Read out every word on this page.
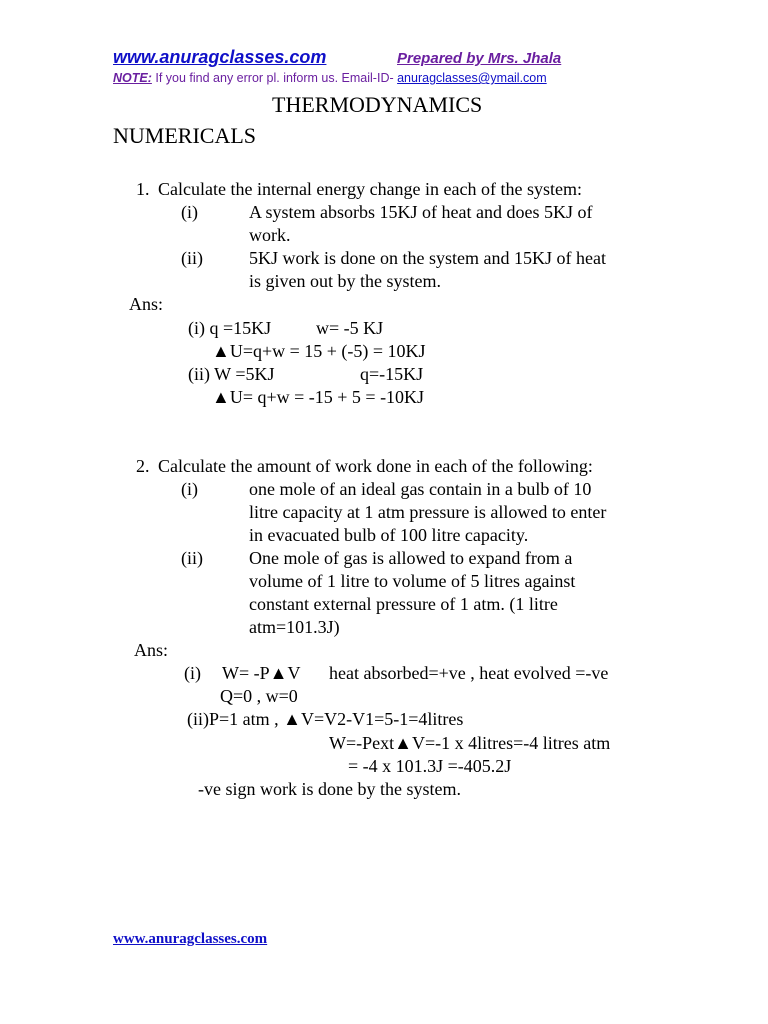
www.anuragclasses.com	Prepared by Mrs. Jhala
NOTE: If you find any error pl. inform us. Email-ID- anuragclasses@ymail.com
THERMODYNAMICS
NUMERICALS
1. Calculate the internal energy change in each of the system:
(i)	A system absorbs 15KJ of heat and does 5KJ of
work.
(ii)	5KJ work is done on the system and 15KJ of heat
is given out by the system.
Ans:
(i) q =15KJ w= -5 KJ
▲U=q+w = 15 + (-5) = 10KJ
(ii) W =5KJ	q=-15KJ
▲U= q+w = -15 + 5 = -10KJ
2. Calculate the amount of work done in each of the following:
(i)	one mole of an ideal gas contain in a bulb of 10
litre capacity at 1 atm pressure is allowed to enter
in evacuated bulb of 100 litre capacity.
(ii)	One mole of gas is allowed to expand from a
volume of 1 litre to volume of 5 litres against
constant external pressure of 1 atm. (1 litre
atm=101.3J)
Ans:
(i) W= -P▲V heat absorbed=+ve , heat evolved =-ve
Q=0 , w=0
(ii)P=1 atm , ▲V=V2-V1=5-1=4litres
W=-Pext▲V=-1 x 4litres=-4 litres atm
= -4 x 101.3J =-405.2J
-ve sign work is done by the system.
www.anuragclasses.com
